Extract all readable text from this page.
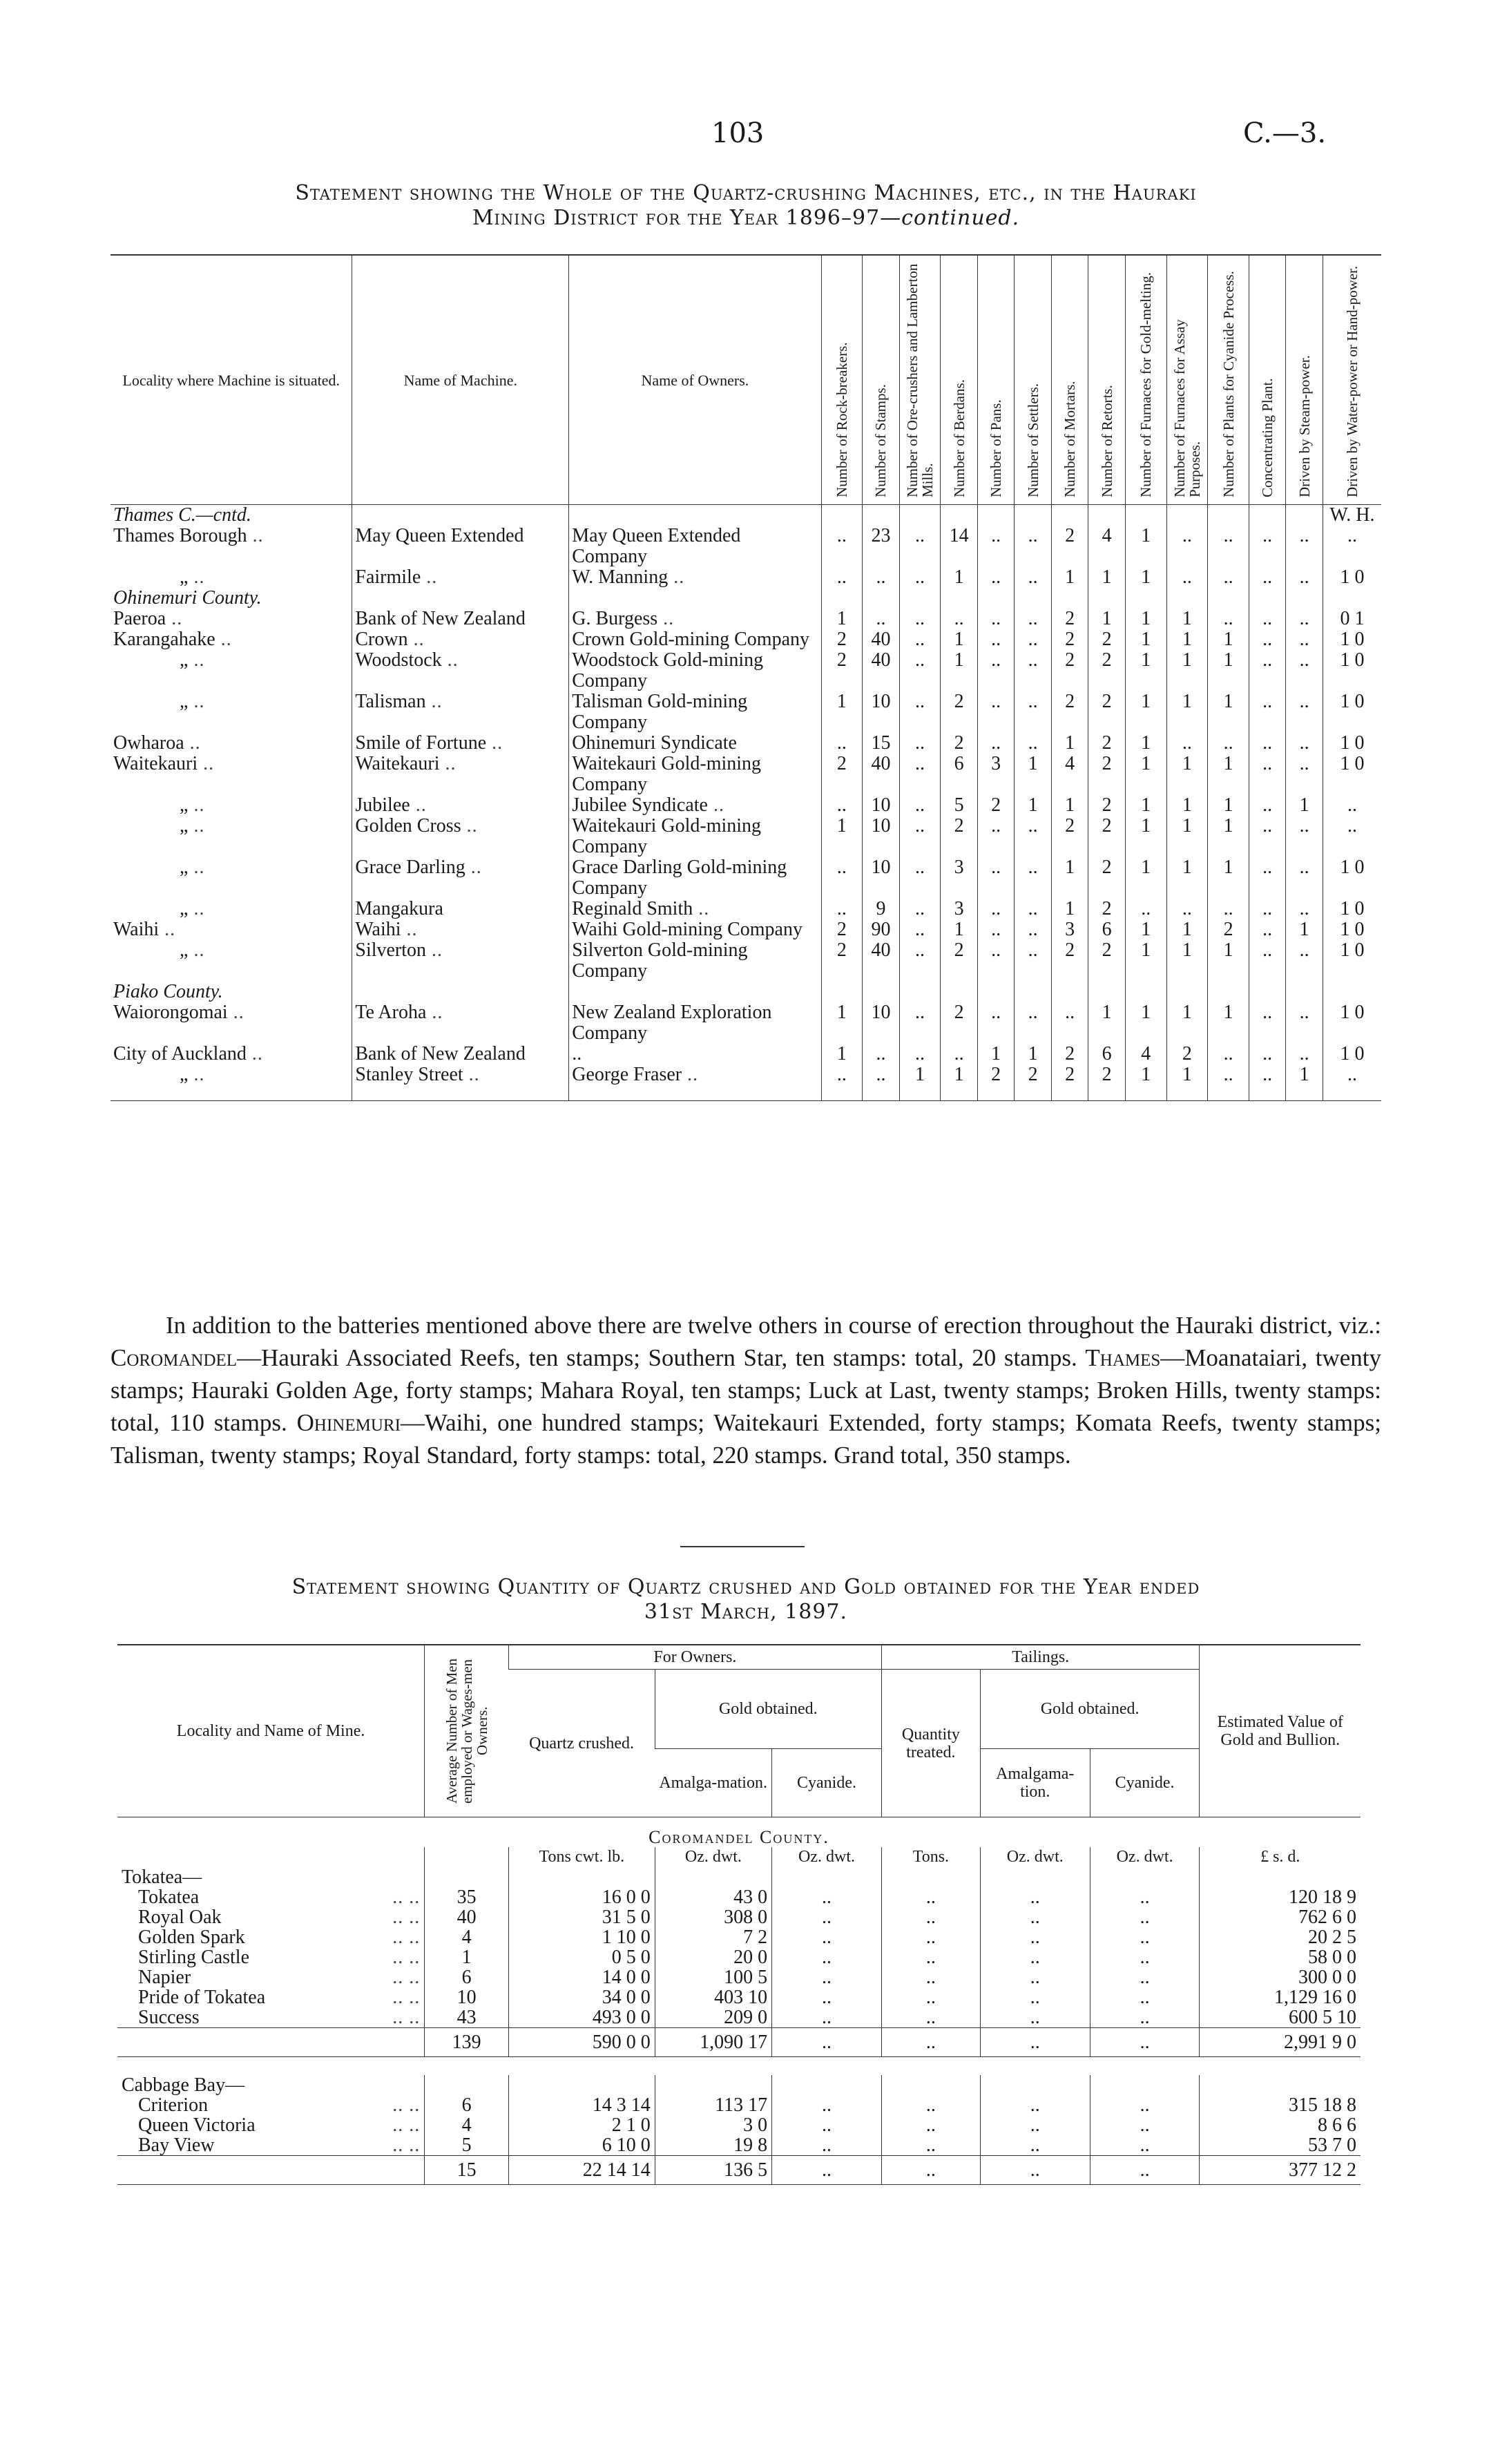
103	C.—3.
Statement showing the Whole of the Quartz-crushing Machines, etc., in the Hauraki
Mining District for the Year 1896–97—continued.
Locality where Machine is situated.	Name of Machine.	Name of Owners.	Number of Rock-breakers.	Number of Stamps.	Number of Ore-crushers and Lamberton Mills.	Number of Berdans.	Number of Pans.	Number of Settlers.	Number of Mortars.	Number of Retorts.	Number of Furnaces for Gold-melting.	Number of Furnaces for Assay Purposes.	Number of Plants for Cyanide Process.	Concentrating Plant.	Driven by Steam-power.	Driven by Water-power or Hand-power.

Thames C.—cntd.																W. H.
Thames Borough ..	May Queen Extended	May Queen Extended Company	..	23	..	14	..	..	2	4	1	..	..	..	..	..
„ ..	Fairmile ..	W. Manning ..	..	..	..	1	..	..	1	1	1	..	..	..	..	1 0
Ohinemuri County.																
Paeroa ..	Bank of New Zealand	G. Burgess ..	1	..	..	..	..	..	2	1	1	1	..	..	..	0 1
Karangahake ..	Crown ..	Crown Gold-mining Company	2	40	..	1	..	..	2	2	1	1	1	..	..	1 0
„ ..	Woodstock ..	Woodstock Gold-mining Company	2	40	..	1	..	..	2	2	1	1	1	..	..	1 0
„ ..	Talisman ..	Talisman Gold-mining Company	1	10	..	2	..	..	2	2	1	1	1	..	..	1 0
Owharoa ..	Smile of Fortune ..	Ohinemuri Syndicate	..	15	..	2	..	..	1	2	1	..	..	..	..	1 0
Waitekauri ..	Waitekauri ..	Waitekauri Gold-mining Company	2	40	..	6	3	1	4	2	1	1	1	..	..	1 0
„ ..	Jubilee ..	Jubilee Syndicate ..	..	10	..	5	2	1	1	2	1	1	1	..	1	..
„ ..	Golden Cross ..	Waitekauri Gold-mining Company	1	10	..	2	..	..	2	2	1	1	1	..	..	..
„ ..	Grace Darling ..	Grace Darling Gold-mining Company	..	10	..	3	..	..	1	2	1	1	1	..	..	1 0
„ ..	Mangakura	Reginald Smith ..	..	9	..	3	..	..	1	2	..	..	..	..	..	1 0
Waihi ..	Waihi ..	Waihi Gold-mining Company	2	90	..	1	..	..	3	6	1	1	2	..	1	1 0
„ ..	Silverton ..	Silverton Gold-mining Company	2	40	..	2	..	..	2	2	1	1	1	..	..	1 0
Piako County.																
Waiorongomai ..	Te Aroha ..	New Zealand Exploration Company	1	10	..	2	..	..	..	1	1	1	1	..	..	1 0
City of Auckland ..	Bank of New Zealand	..	1	..	..	..	1	1	2	6	4	2	..	..	..	1 0
„ ..	Stanley Street ..	George Fraser ..	..	..	1	1	2	2	2	2	1	1	..	..	1	..
In addition to the batteries mentioned above there are twelve others in course of erection throughout the Hauraki district, viz.: Coromandel—Hauraki Associated Reefs, ten stamps; Southern Star, ten stamps: total, 20 stamps. Thames—Moanataiari, twenty stamps; Hauraki Golden Age, forty stamps; Mahara Royal, ten stamps; Luck at Last, twenty stamps; Broken Hills, twenty stamps: total, 110 stamps. Ohinemuri—Waihi, one hundred stamps; Waitekauri Extended, forty stamps; Komata Reefs, twenty stamps; Talisman, twenty stamps; Royal Standard, forty stamps: total, 220 stamps. Grand total, 350 stamps.
Statement showing Quantity of Quartz crushed and Gold obtained for the Year ended
31st March, 1897.
Locality and Name of Mine.	Average Number of Men employed or Wages-men Owners.	For Owners.			Tailings.			Estimated Value of Gold and Bullion.
		Quartz crushed.	Gold obtained.		Quantity treated.	Gold obtained.		
			Amalga-mation.	Cyanide.		Amalgama-tion.	Cyanide.	
Coromandel County.								
		Tons cwt. lb.	Oz. dwt.	Oz. dwt.	Tons.	Oz. dwt.	Oz. dwt.	£ s. d.
Tokatea—								
Tokatea .. ..	35	16 0 0	43 0	..	..	..	..	120 18 9
Royal Oak .. ..	40	31 5 0	308 0	..	..	..	..	762 6 0
Golden Spark .. ..	4	1 10 0	7 2	..	..	..	..	20 2 5
Stirling Castle .. ..	1	0 5 0	20 0	..	..	..	..	58 0 0
Napier .. ..	6	14 0 0	100 5	..	..	..	..	300 0 0
Pride of Tokatea .. ..	10	34 0 0	403 10	..	..	..	..	1,129 16 0
Success .. ..	43	493 0 0	209 0	..	..	..	..	600 5 10
	139	590 0 0	1,090 17	..	..	..	..	2,991 9 0

Cabbage Bay—								
Criterion .. ..	6	14 3 14	113 17	..	..	..	..	315 18 8
Queen Victoria .. ..	4	2 1 0	3 0	..	..	..	..	8 6 6
Bay View .. ..	5	6 10 0	19 8	..	..	..	..	53 7 0
	15	22 14 14	136 5	..	..	..	..	377 12 2
